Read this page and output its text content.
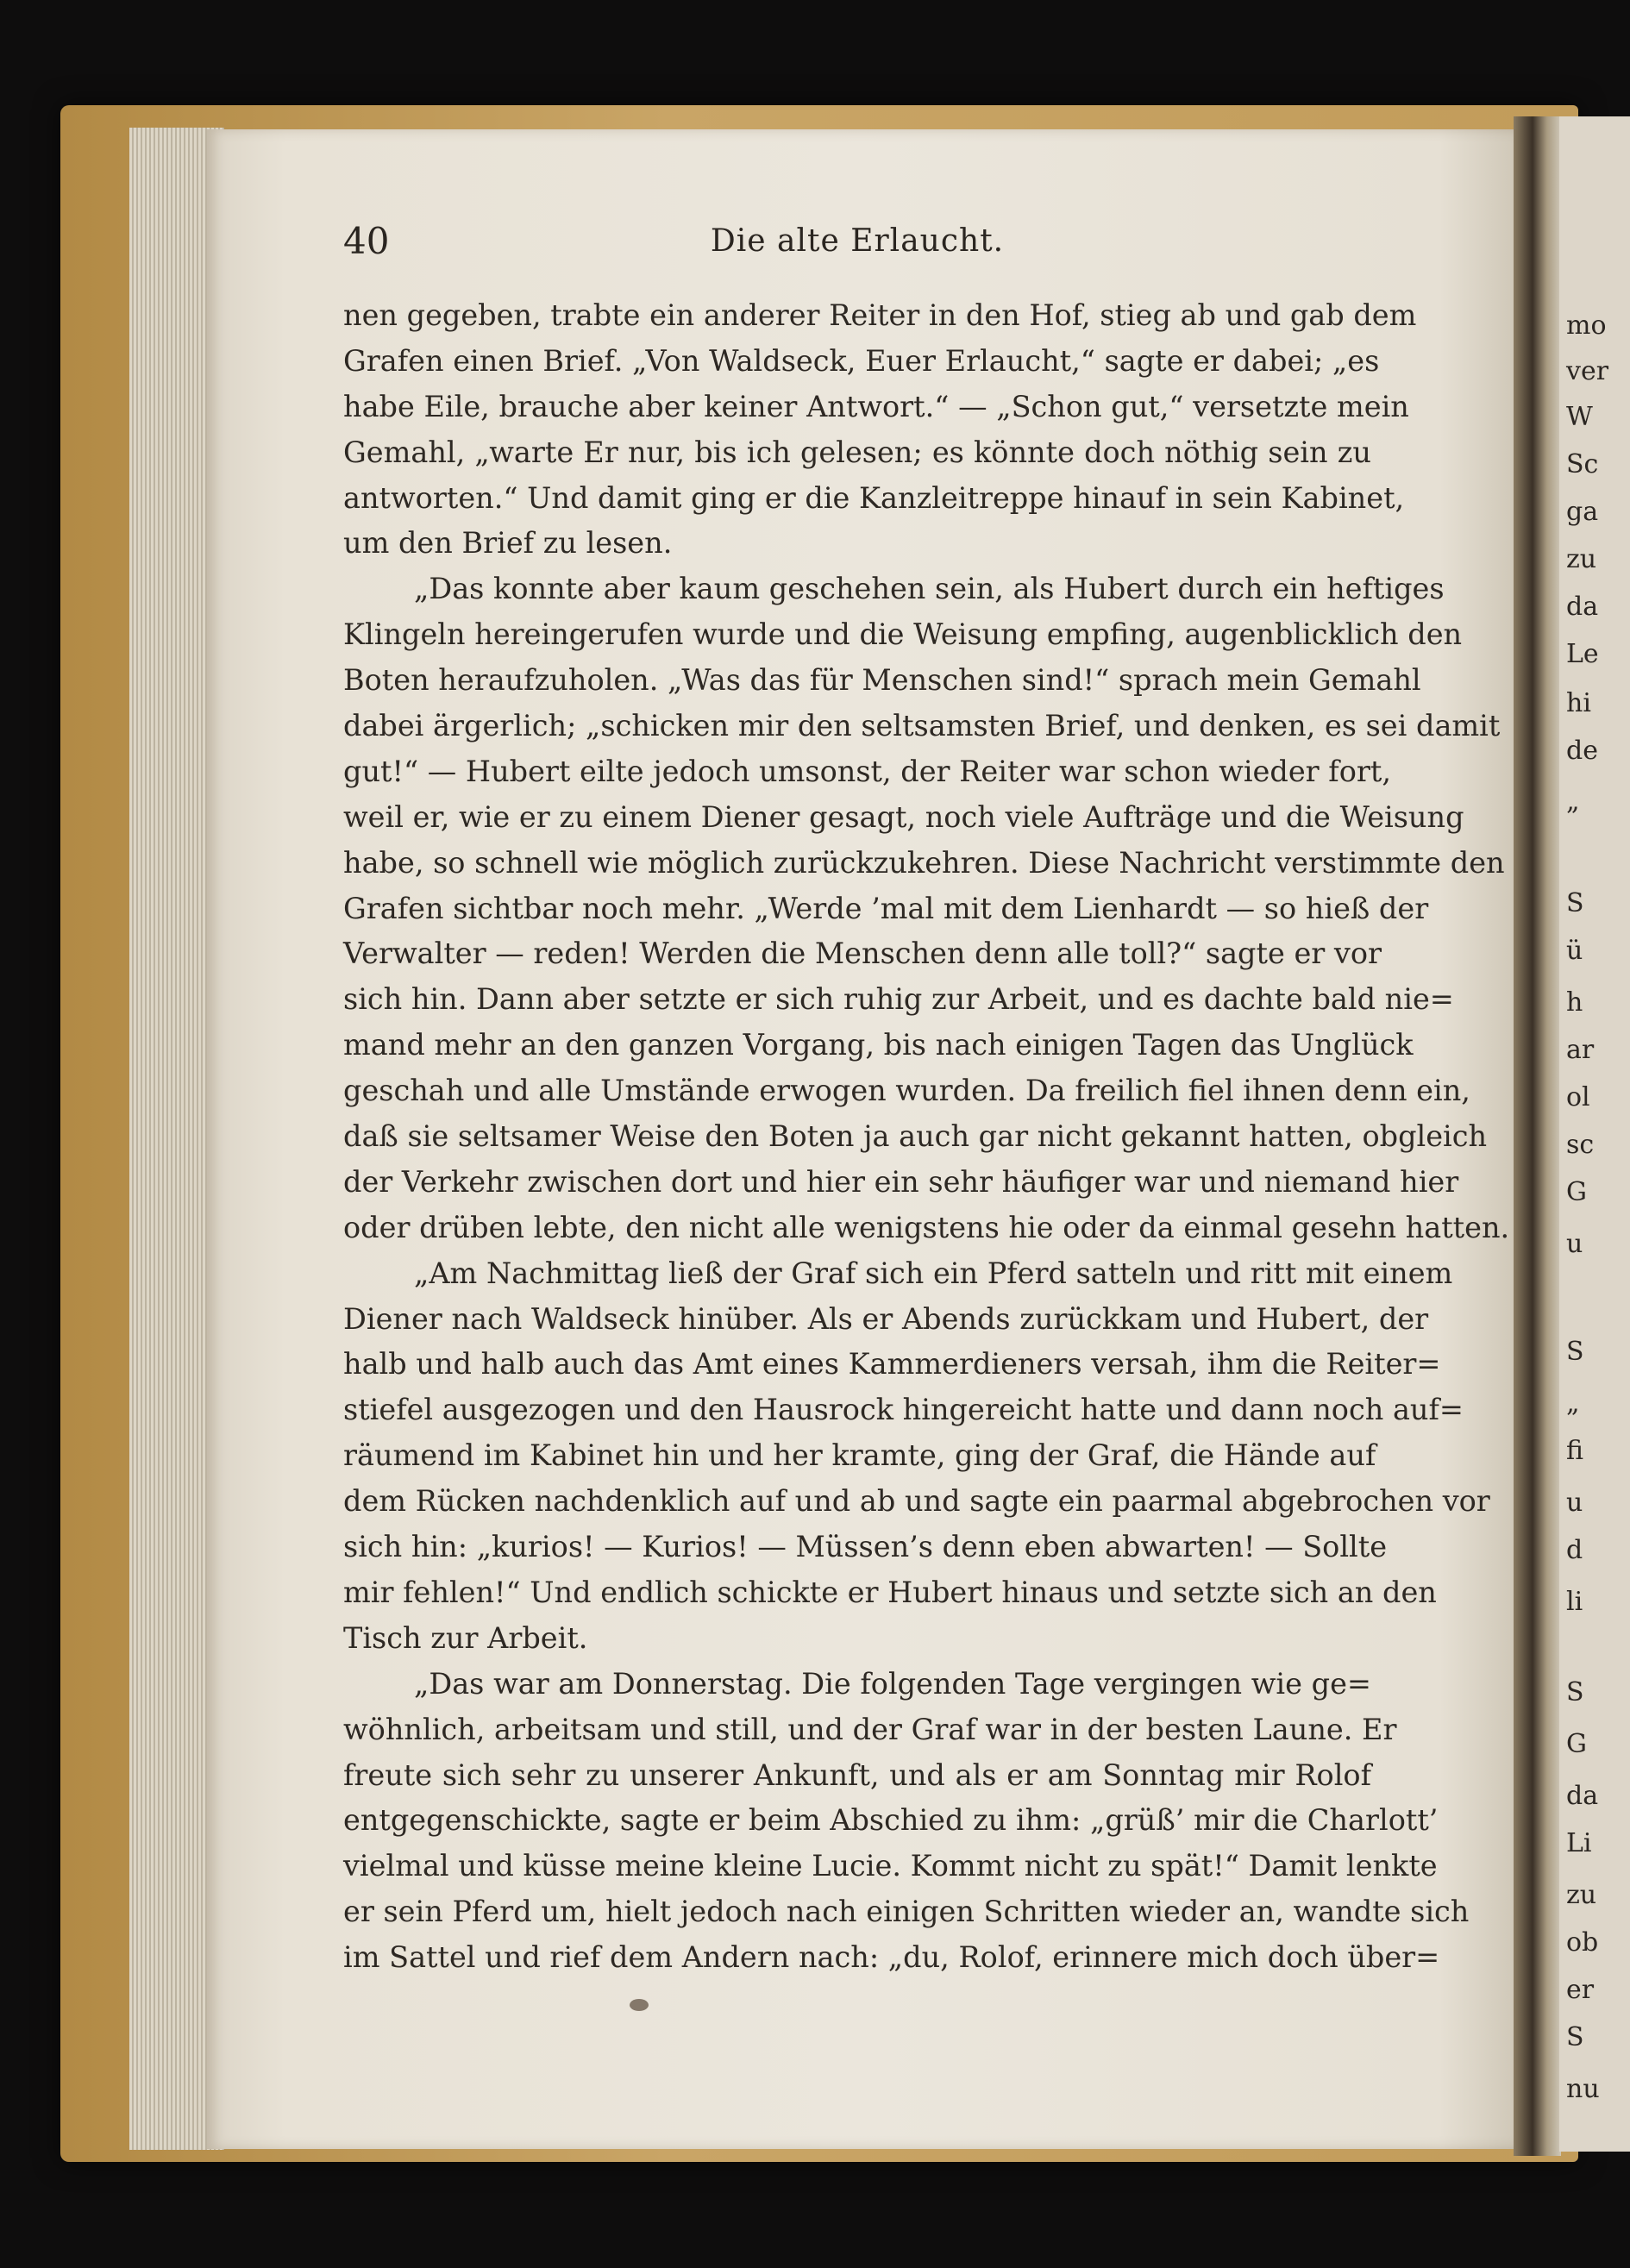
mo
ver
W
Sc
ga
zu
da
Le
hi
de
„
S
ü
h
ar
ol
sc
G
u
S
„
fi
u
d
li
S
G
da
Li
zu
ob
er
S
nu
40	Die alte Erlaucht.
nen gegeben, trabte ein anderer Reiter in den Hof, stieg ab und gab dem
Grafen einen Brief. „Von Waldseck, Euer Erlaucht,“ sagte er dabei; „es
habe Eile, brauche aber keiner Antwort.“ — „Schon gut,“ versetzte mein
Gemahl, „warte Er nur, bis ich gelesen; es könnte doch nöthig sein zu
antworten.“ Und damit ging er die Kanzleitreppe hinauf in sein Kabinet,
um den Brief zu lesen.
„Das konnte aber kaum geschehen sein, als Hubert durch ein heftiges
Klingeln hereingerufen wurde und die Weisung empfing, augenblicklich den
Boten heraufzuholen. „Was das für Menschen sind!“ sprach mein Gemahl
dabei ärgerlich; „schicken mir den seltsamsten Brief, und denken, es sei damit
gut!“ — Hubert eilte jedoch umsonst, der Reiter war schon wieder fort,
weil er, wie er zu einem Diener gesagt, noch viele Aufträge und die Weisung
habe, so schnell wie möglich zurückzukehren. Diese Nachricht verstimmte den
Grafen sichtbar noch mehr. „Werde ’mal mit dem Lienhardt — so hieß der
Verwalter — reden! Werden die Menschen denn alle toll?“ sagte er vor
sich hin. Dann aber setzte er sich ruhig zur Arbeit, und es dachte bald nie=
mand mehr an den ganzen Vorgang, bis nach einigen Tagen das Unglück
geschah und alle Umstände erwogen wurden. Da freilich fiel ihnen denn ein,
daß sie seltsamer Weise den Boten ja auch gar nicht gekannt hatten, obgleich
der Verkehr zwischen dort und hier ein sehr häufiger war und niemand hier
oder drüben lebte, den nicht alle wenigstens hie oder da einmal gesehn hatten.
„Am Nachmittag ließ der Graf sich ein Pferd satteln und ritt mit einem
Diener nach Waldseck hinüber. Als er Abends zurückkam und Hubert, der
halb und halb auch das Amt eines Kammerdieners versah, ihm die Reiter=
stiefel ausgezogen und den Hausrock hingereicht hatte und dann noch auf=
räumend im Kabinet hin und her kramte, ging der Graf, die Hände auf
dem Rücken nachdenklich auf und ab und sagte ein paarmal abgebrochen vor
sich hin: „kurios! — Kurios! — Müssen’s denn eben abwarten! — Sollte
mir fehlen!“ Und endlich schickte er Hubert hinaus und setzte sich an den
Tisch zur Arbeit.
„Das war am Donnerstag. Die folgenden Tage vergingen wie ge=
wöhnlich, arbeitsam und still, und der Graf war in der besten Laune. Er
freute sich sehr zu unserer Ankunft, und als er am Sonntag mir Rolof
entgegenschickte, sagte er beim Abschied zu ihm: „grüß’ mir die Charlott’
vielmal und küsse meine kleine Lucie. Kommt nicht zu spät!“ Damit lenkte
er sein Pferd um, hielt jedoch nach einigen Schritten wieder an, wandte sich
im Sattel und rief dem Andern nach: „du, Rolof, erinnere mich doch über=
